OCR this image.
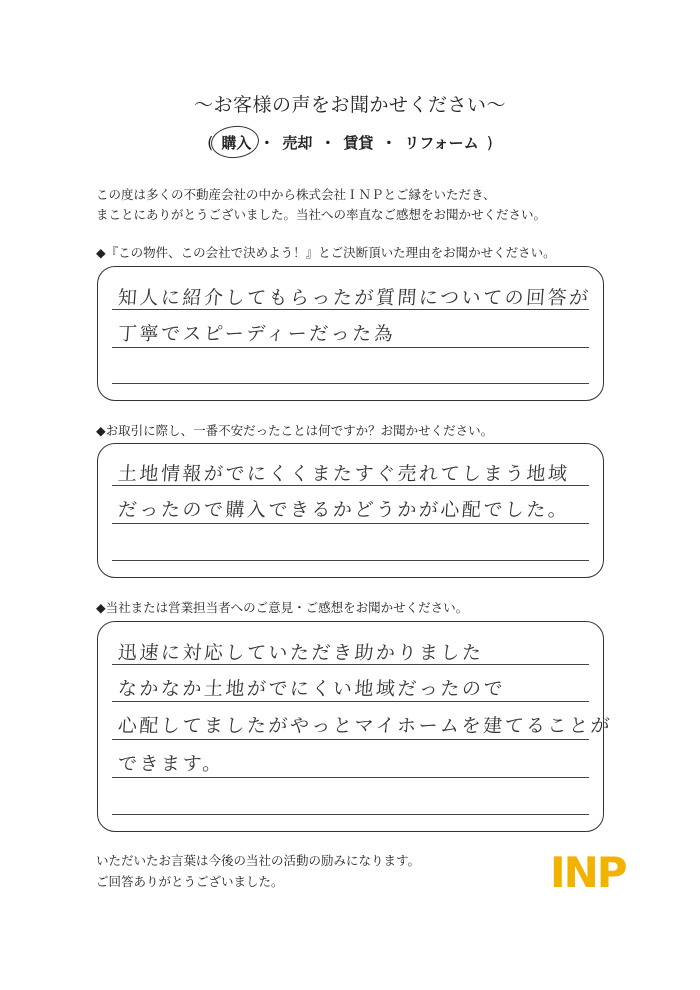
～お客様の声をお聞かせください～
( 購入 ・ 売却 ・ 賃貸 ・ リフォーム )
この度は多くの不動産会社の中から株式会社ＩＮＰとご縁をいただき、
まことにありがとうございました。当社への率直なご感想をお聞かせください。
◆『この物件、この会社で決めよう！』とご決断頂いた理由をお聞かせください。
知人に紹介してもらったが質問についての回答が
丁寧でスピーディーだった為
◆お取引に際し、一番不安だったことは何ですか？お聞かせください。
土地情報がでにくくまたすぐ売れてしまう地域
だったので購入できるかどうかが心配でした。
◆当社または営業担当者へのご意見・ご感想をお聞かせください。
迅速に対応していただき助かりました
なかなか土地がでにくい地域だったので
心配してましたがやっとマイホームを建てることが
できます。
いただいたお言葉は今後の当社の活動の励みになります。
ご回答ありがとうございました。	INP
